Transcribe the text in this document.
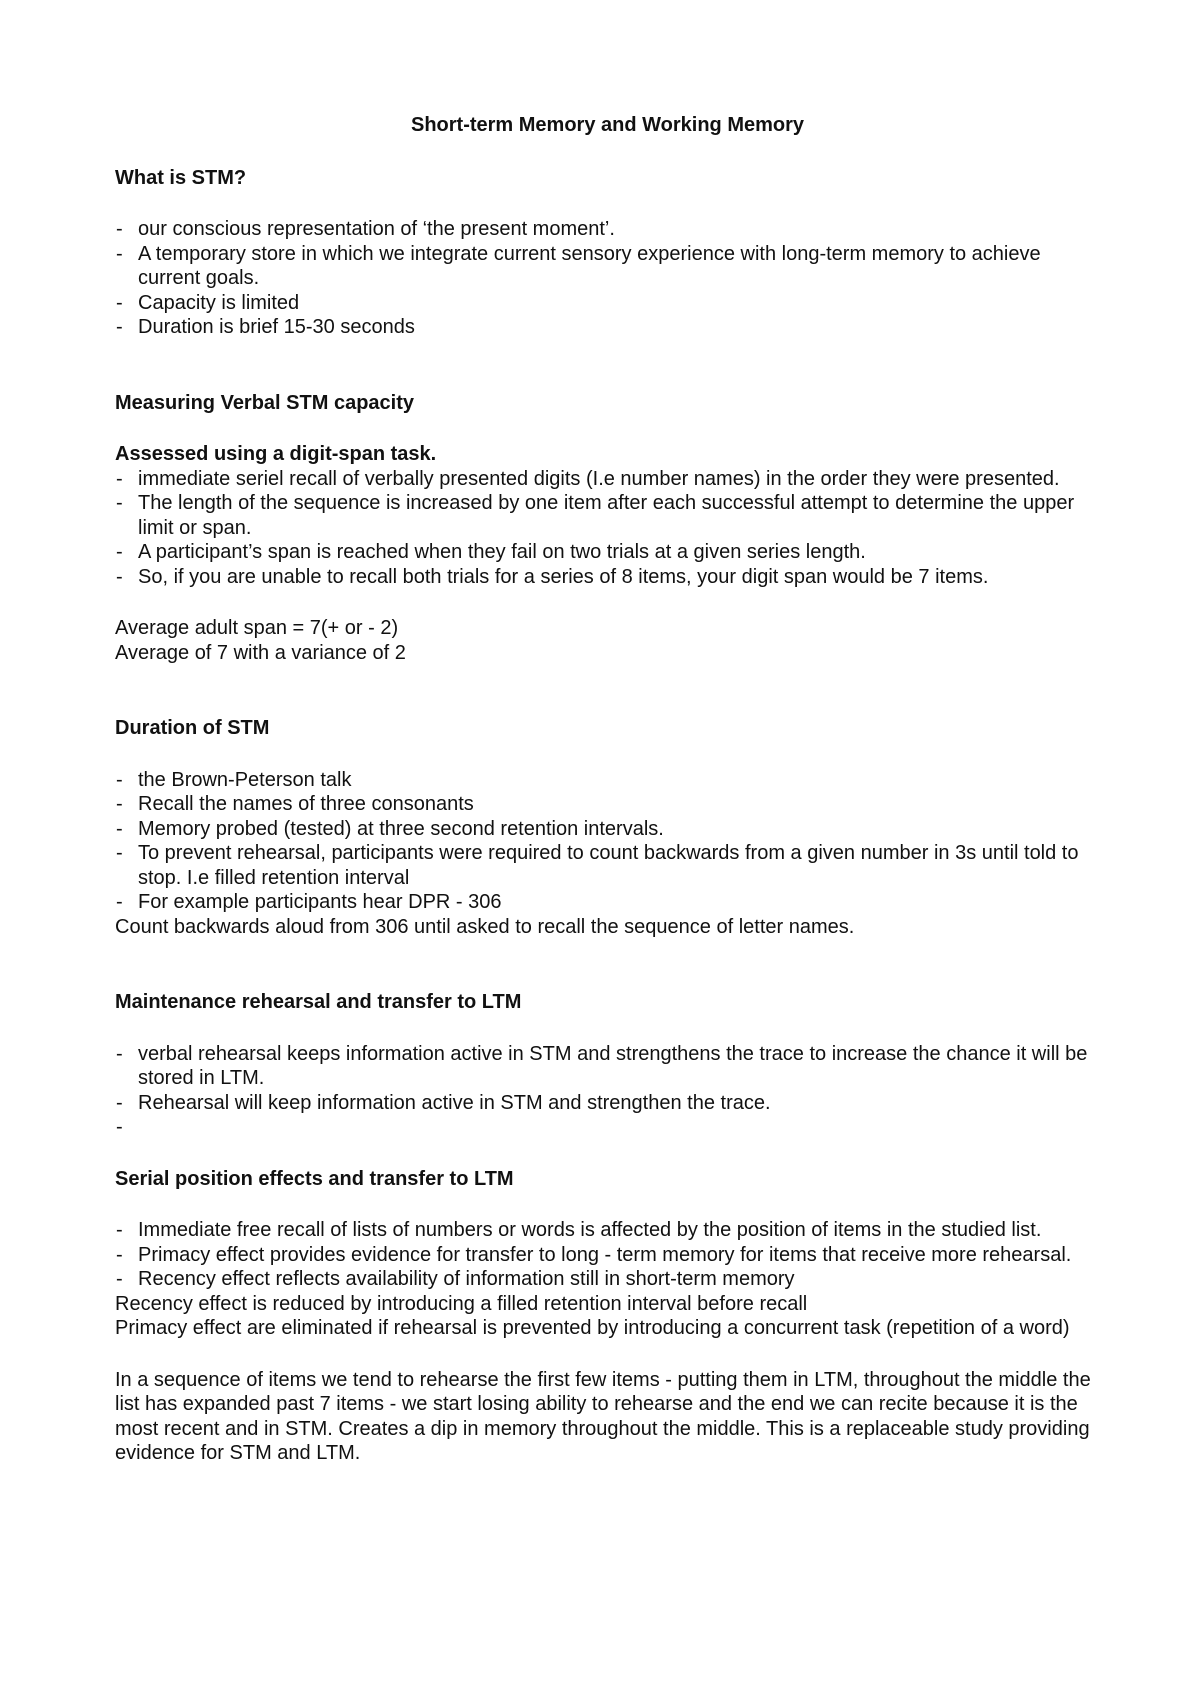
Short-term Memory and Working Memory

What is STM?

- our conscious representation of ‘the present moment’.
- A temporary store in which we integrate current sensory experience with long-term memory to achieve current goals.
- Capacity is limited
- Duration is brief 15-30 seconds

Measuring Verbal STM capacity

Assessed using a digit-span task.

- immediate seriel recall of verbally presented digits (I.e number names) in the order they were presented.
- The length of the sequence is increased by one item after each successful attempt to determine the upper limit or span.
- A participant’s span is reached when they fail on two trials at a given series length.
- So, if you are unable to recall both trials for a series of 8 items, your digit span would be 7 items.

Average adult span = 7(+ or - 2)

Average of 7 with a variance of 2

Duration of STM

- the Brown-Peterson talk
- Recall the names of three consonants
- Memory probed (tested) at three second retention intervals.
- To prevent rehearsal, participants were required to count backwards from a given number in 3s until told to stop. I.e filled retention interval
- For example participants hear DPR - 306

Count backwards aloud from 306 until asked to recall the sequence of letter names.

Maintenance rehearsal and transfer to LTM

- verbal rehearsal keeps information active in STM and strengthens the trace to increase the chance it will be stored in LTM.
- Rehearsal will keep information active in STM and strengthen the trace.
-

Serial position effects and transfer to LTM

- Immediate free recall of lists of numbers or words is affected by the position of items in the studied list.
- Primacy effect provides evidence for transfer to long - term memory for items that receive more rehearsal.
- Recency effect reflects availability of information still in short-term memory

Recency effect is reduced by introducing a filled retention interval before recall

Primacy effect are eliminated if rehearsal is prevented by introducing a concurrent task (repetition of a word)

In a sequence of items we tend to rehearse the first few items - putting them in LTM, throughout the middle the list has expanded past 7 items - we start losing ability to rehearse and the end we can recite because it is the most recent and in STM. Creates a dip in memory throughout the middle. This is a replaceable study providing evidence for STM and LTM.
